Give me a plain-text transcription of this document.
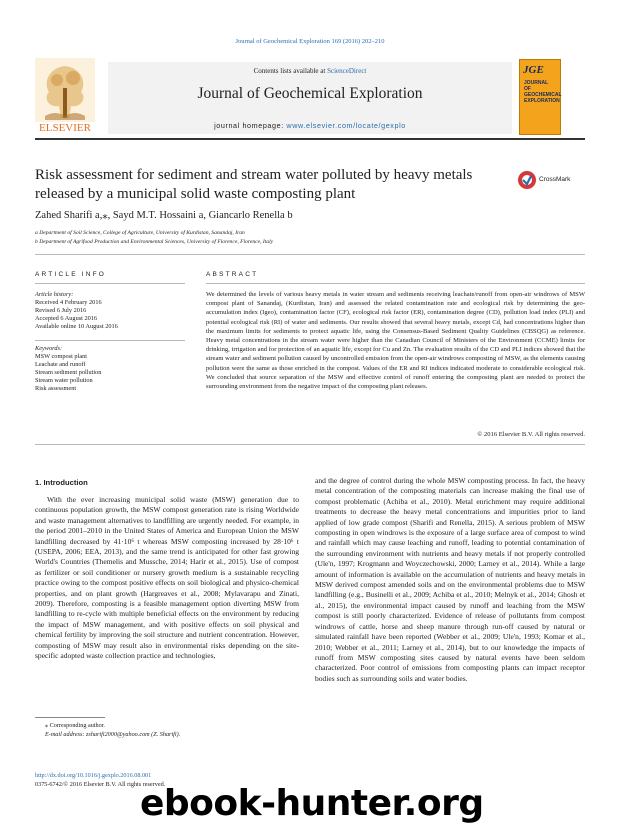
Journal of Geochemical Exploration 169 (2016) 202–210
ELSEVIER
Contents lists available at ScienceDirect
Journal of Geochemical Exploration
journal homepage: www.elsevier.com/locate/gexplo
JGE
JOURNAL OF GEOCHEMICAL EXPLORATION
Risk assessment for sediment and stream water polluted by heavy metals released by a municipal solid waste composting plant
CrossMark
Zahed Sharifi a,⁎, Sayd M.T. Hossaini a, Giancarlo Renella b
a Department of Soil Science, College of Agriculture, University of Kurdistan, Sanandaj, Iran
b Department of Agrifood Production and Environmental Sciences, University of Florence, Florence, Italy
ARTICLE INFO
Article history:
Received 4 February 2016
Revised 6 July 2016
Accepted 6 August 2016
Available online 10 August 2016
Keywords:
MSW compost plant
Leachate and runoff
Stream sediment pollution
Stream water pollution
Risk assessment
ABSTRACT
We determined the levels of various heavy metals in water stream and sediments receiving leachate/runoff from open-air windrows of MSW compost plant of Sanandaj, (Kurdistan, Iran) and assessed the related contamination rate and ecological risk by determining the geo-accumulation index (Igeo), contamination factor (CF), ecological risk factor (ER), contamination degree (CD), pollution load index (PLI) and potential ecological risk (RI) of water and sediments. Our results showed that several heavy metals, except Cd, had concentrations higher than the maximum limits for sediments to protect aquatic life, using the Consensus-Based Sediment Quality Guidelines (CBSQG) as reference. Heavy metal concentrations in the stream water were higher than the Canadian Council of Ministers of the Environment (CCME) limits for drinking, irrigation and for protection of an aquatic life, except for Cu and Zn. The evaluation results of the CD and PLI indices showed that the stream water and sediment pollution caused by uncontrolled emission from the open-air windrows composting of MSW, as the elements causing pollution were the same as those enriched in the compost. Values of the ER and RI indices indicated moderate to considerable ecological risk. We concluded that source separation of the MSW and effective control of runoff entering the composting plant are needed to protect the surrounding environment from the negative impact of the composting plant releases.
© 2016 Elsevier B.V. All rights reserved.
1. Introduction
With the ever increasing municipal solid waste (MSW) generation due to continuous population growth, the MSW compost generation rate is rising Worldwide and waste management alternatives to landfilling are urgently needed. For example, in the period 2001–2010 in the United States of America and European Union the MSW landfilling decreased by 41·10⁶ t whereas MSW composting increased by 28·10⁶ t (USEPA, 2006; EEA, 2013), and the same trend is anticipated for other fast growing World's Countries (Themelis and Mussche, 2014; Harir et al., 2015). Use of compost as fertilizer or soil conditioner or nursery growth medium is a sustainable recycling practice owing to the compost positive effects on soil biological and physico-chemical properties, and on plant growth (Hargreaves et al., 2008; Mylavarapu and Zinati, 2009). Therefore, composting is a feasible management option diverting MSW from landfilling to re-cycle with multiple beneficial effects on the environment by reducing the impact of MSW management, and with positive effects on soil physical and chemical fertility by improving the soil structure and nutrient concentration. However, composting of MSW may result also in environmental risks depending on the site-specific adopted waste collection practice and technologies,
and the degree of control during the whole MSW composting process. In fact, the heavy metal concentration of the composting materials can increase making the final use of compost problematic (Achiba et al., 2010). Metal enrichment may require additional treatments to decrease the heavy metal concentrations and impurities prior to land applied of low grade compost (Sharifi and Renella, 2015). A serious problem of MSW composting in open windrows is the exposure of a large surface area of compost to wind and rainfall which may cause leaching and runoff, leading to potential contamination of the surrounding environment with nutrients and heavy metals if not properly controlled (Ule'n, 1997; Krogmann and Woyczechowski, 2000; Larney et al., 2014). While a large amount of information is available on the accumulation of nutrients and heavy metals in MSW derived compost amended soils and on the environmental problems due to MSW landfilling (e.g., Businelli et al., 2009; Achiba et al., 2010; Melnyk et al., 2014; Ghosh et al., 2015), the environmental impact caused by runoff and leaching from the MSW compost is still poorly characterized. Evidence of release of pollutants from compost windrows of cattle, horse and sheep manure through run-off caused by natural or simulated rainfall have been reported (Webber et al., 2009; Ule'n, 1993; Komar et al., 2010; Webber et al., 2011; Larney et al., 2014), but to our knowledge the impacts of runoff from MSW composting sites caused by natural events have been seldom characterized. Poor control of emissions from composting plants can impact receptor bodies such as surrounding soils and water bodies.
⁎ Corresponding author.
E-mail address: zsharifi2000@yahoo.com (Z. Sharifi).
http://dx.doi.org/10.1016/j.gexplo.2016.08.001
0375-6742/© 2016 Elsevier B.V. All rights reserved.
ebook-hunter.org
